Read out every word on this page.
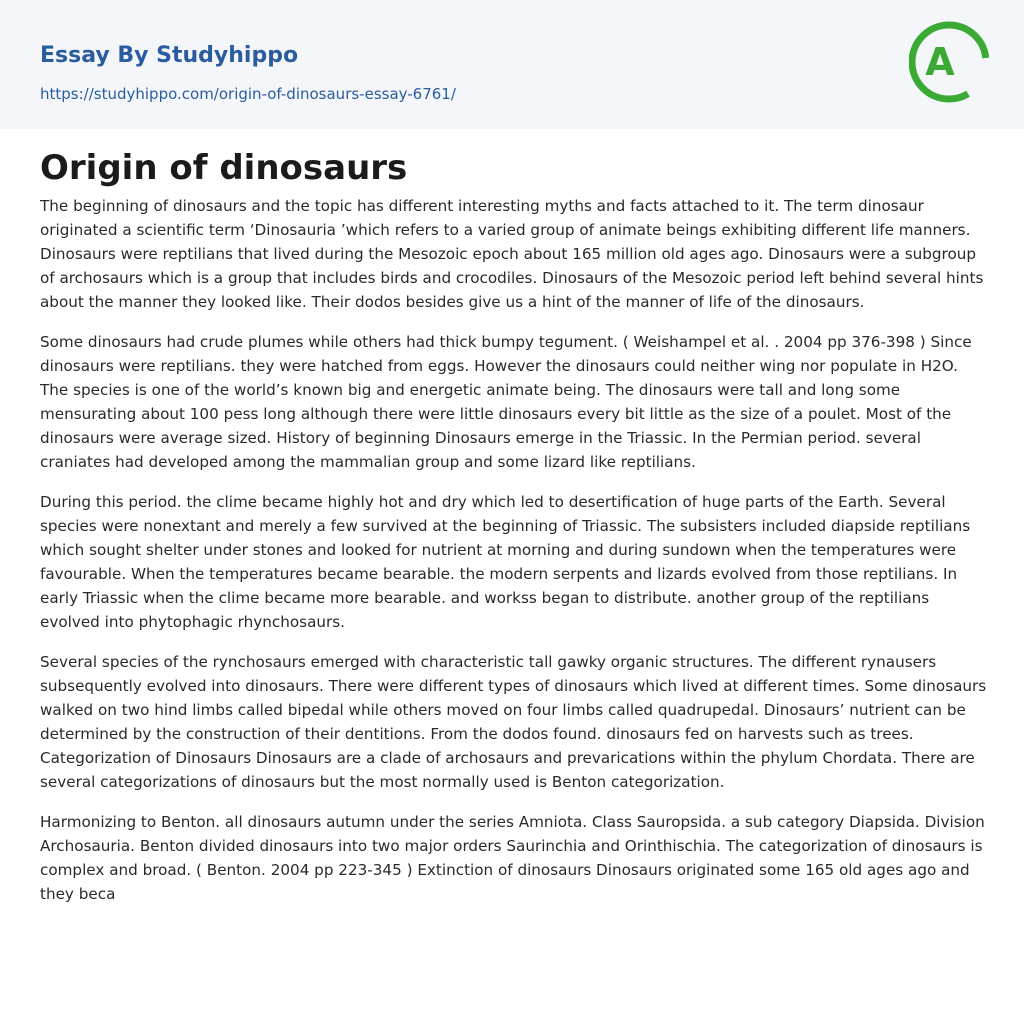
Essay By Studyhippo
https://studyhippo.com/origin-of-dinosaurs-essay-6761/
A
Origin of dinosaurs

The beginning of dinosaurs and the topic has different interesting myths and facts attached to it. The term dinosaur originated a scientific term ‘Dinosauria ’which refers to a varied group of animate beings exhibiting different life manners. Dinosaurs were reptilians that lived during the Mesozoic epoch about 165 million old ages ago. Dinosaurs were a subgroup of archosaurs which is a group that includes birds and crocodiles. Dinosaurs of the Mesozoic period left behind several hints about the manner they looked like. Their dodos besides give us a hint of the manner of life of the dinosaurs.

Some dinosaurs had crude plumes while others had thick bumpy tegument. ( Weishampel et al. . 2004 pp 376-398 ) Since dinosaurs were reptilians. they were hatched from eggs. However the dinosaurs could neither wing nor populate in H2O. The species is one of the world’s known big and energetic animate being. The dinosaurs were tall and long some mensurating about 100 pess long although there were little dinosaurs every bit little as the size of a poulet. Most of the dinosaurs were average sized. History of beginning Dinosaurs emerge in the Triassic. In the Permian period. several craniates had developed among the mammalian group and some lizard like reptilians.

During this period. the clime became highly hot and dry which led to desertification of huge parts of the Earth. Several species were nonextant and merely a few survived at the beginning of Triassic. The subsisters included diapside reptilians which sought shelter under stones and looked for nutrient at morning and during sundown when the temperatures were favourable. When the temperatures became bearable. the modern serpents and lizards evolved from those reptilians. In early Triassic when the clime became more bearable. and workss began to distribute. another group of the reptilians evolved into phytophagic rhynchosaurs.

Several species of the rynchosaurs emerged with characteristic tall gawky organic structures. The different rynausers subsequently evolved into dinosaurs. There were different types of dinosaurs which lived at different times. Some dinosaurs walked on two hind limbs called bipedal while others moved on four limbs called quadrupedal. Dinosaurs’ nutrient can be determined by the construction of their dentitions. From the dodos found. dinosaurs fed on harvests such as trees. Categorization of Dinosaurs Dinosaurs are a clade of archosaurs and prevarications within the phylum Chordata. There are several categorizations of dinosaurs but the most normally used is Benton categorization.

Harmonizing to Benton. all dinosaurs autumn under the series Amniota. Class Sauropsida. a sub category Diapsida. Division Archosauria. Benton divided dinosaurs into two major orders Saurinchia and Orinthischia. The categorization of dinosaurs is complex and broad. ( Benton. 2004 pp 223-345 ) Extinction of dinosaurs Dinosaurs originated some 165 old ages ago and they beca
